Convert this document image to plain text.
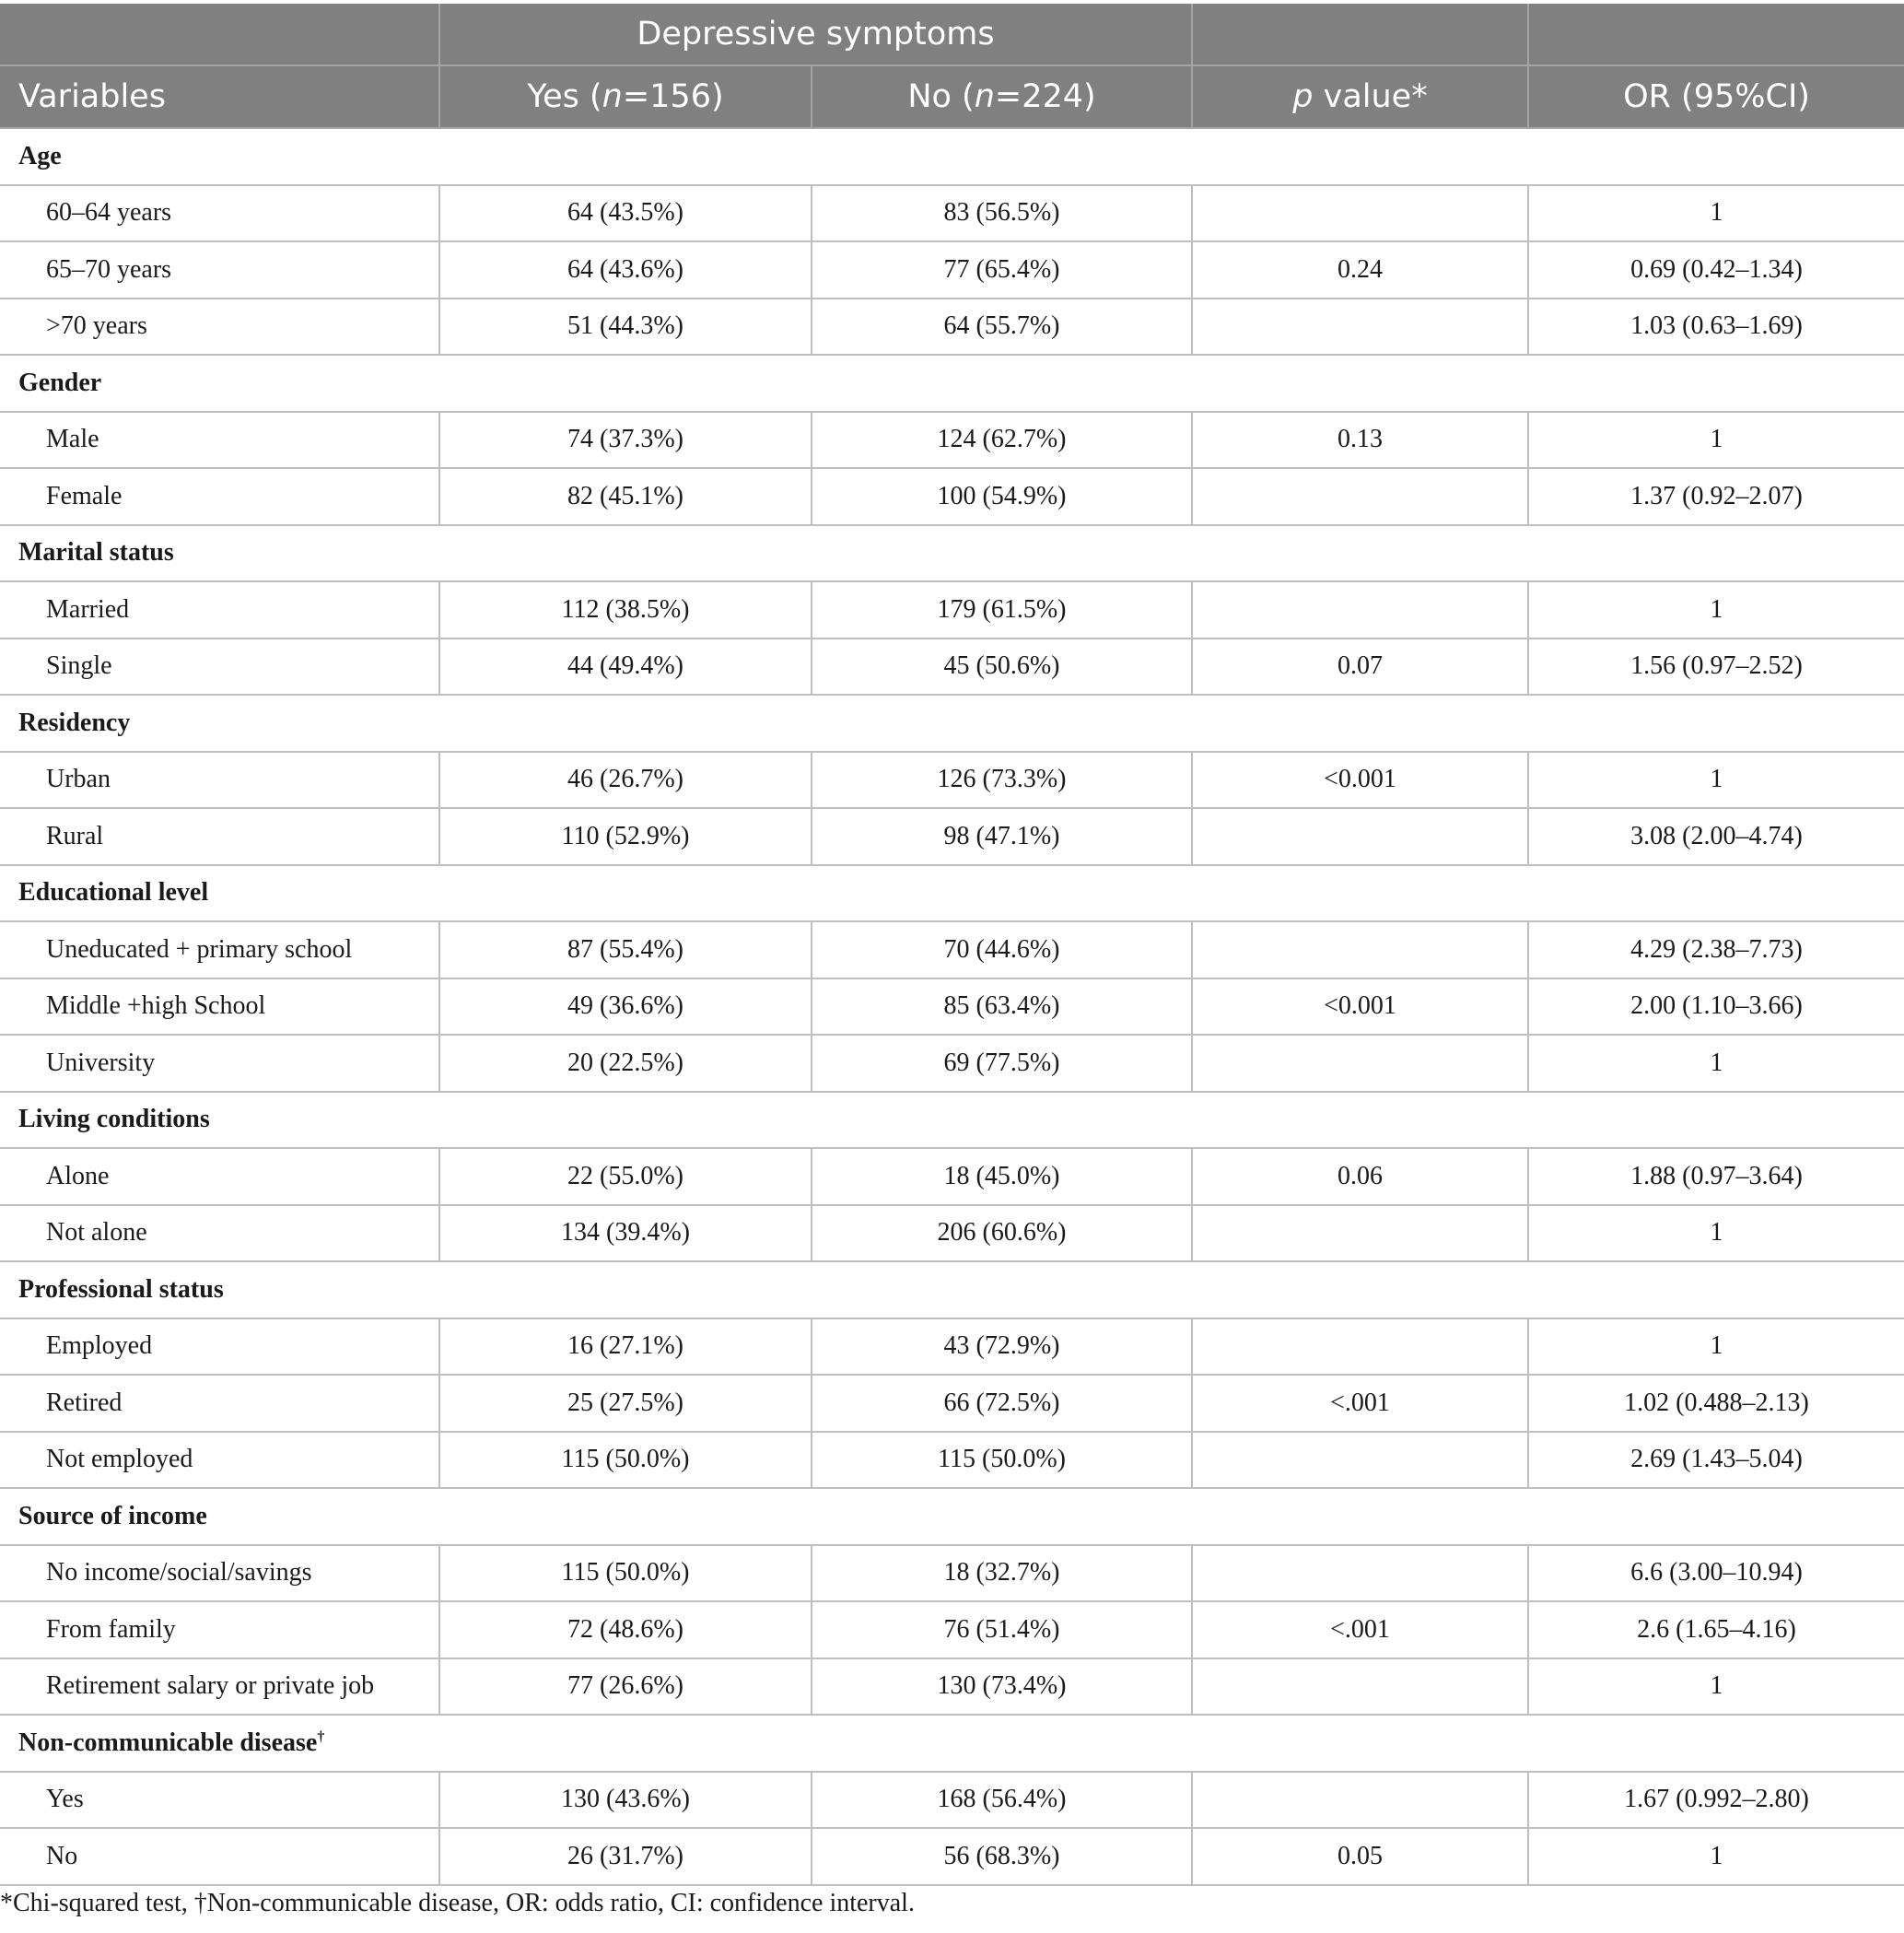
	Depressive symptoms			
Variables	Yes (n=156)	No (n=224)	p value*	OR (95%CI)
Age				
60–64 years	64 (43.5%)	83 (56.5%)		1
65–70 years	64 (43.6%)	77 (65.4%)	0.24	0.69 (0.42–1.34)
>70 years	51 (44.3%)	64 (55.7%)		1.03 (0.63–1.69)
Gender				
Male	74 (37.3%)	124 (62.7%)	0.13	1
Female	82 (45.1%)	100 (54.9%)		1.37 (0.92–2.07)
Marital status				
Married	112 (38.5%)	179 (61.5%)		1
Single	44 (49.4%)	45 (50.6%)	0.07	1.56 (0.97–2.52)
Residency				
Urban	46 (26.7%)	126 (73.3%)	<0.001	1
Rural	110 (52.9%)	98 (47.1%)		3.08 (2.00–4.74)
Educational level				
Uneducated + primary school	87 (55.4%)	70 (44.6%)		4.29 (2.38–7.73)
Middle +high School	49 (36.6%)	85 (63.4%)	<0.001	2.00 (1.10–3.66)
University	20 (22.5%)	69 (77.5%)		1
Living conditions				
Alone	22 (55.0%)	18 (45.0%)	0.06	1.88 (0.97–3.64)
Not alone	134 (39.4%)	206 (60.6%)		1
Professional status				
Employed	16 (27.1%)	43 (72.9%)		1
Retired	25 (27.5%)	66 (72.5%)	<.001	1.02 (0.488–2.13)
Not employed	115 (50.0%)	115 (50.0%)		2.69 (1.43–5.04)
Source of income				
No income/social/savings	115 (50.0%)	18 (32.7%)		6.6 (3.00–10.94)
From family	72 (48.6%)	76 (51.4%)	<.001	2.6 (1.65–4.16)
Retirement salary or private job	77 (26.6%)	130 (73.4%)		1
Non-communicable disease†
Yes	130 (43.6%)	168 (56.4%)		1.67 (0.992–2.80)
No	26 (31.7%)	56 (68.3%)	0.05	1
*Chi-squared test, †Non-communicable disease, OR: odds ratio, CI: confidence interval.
